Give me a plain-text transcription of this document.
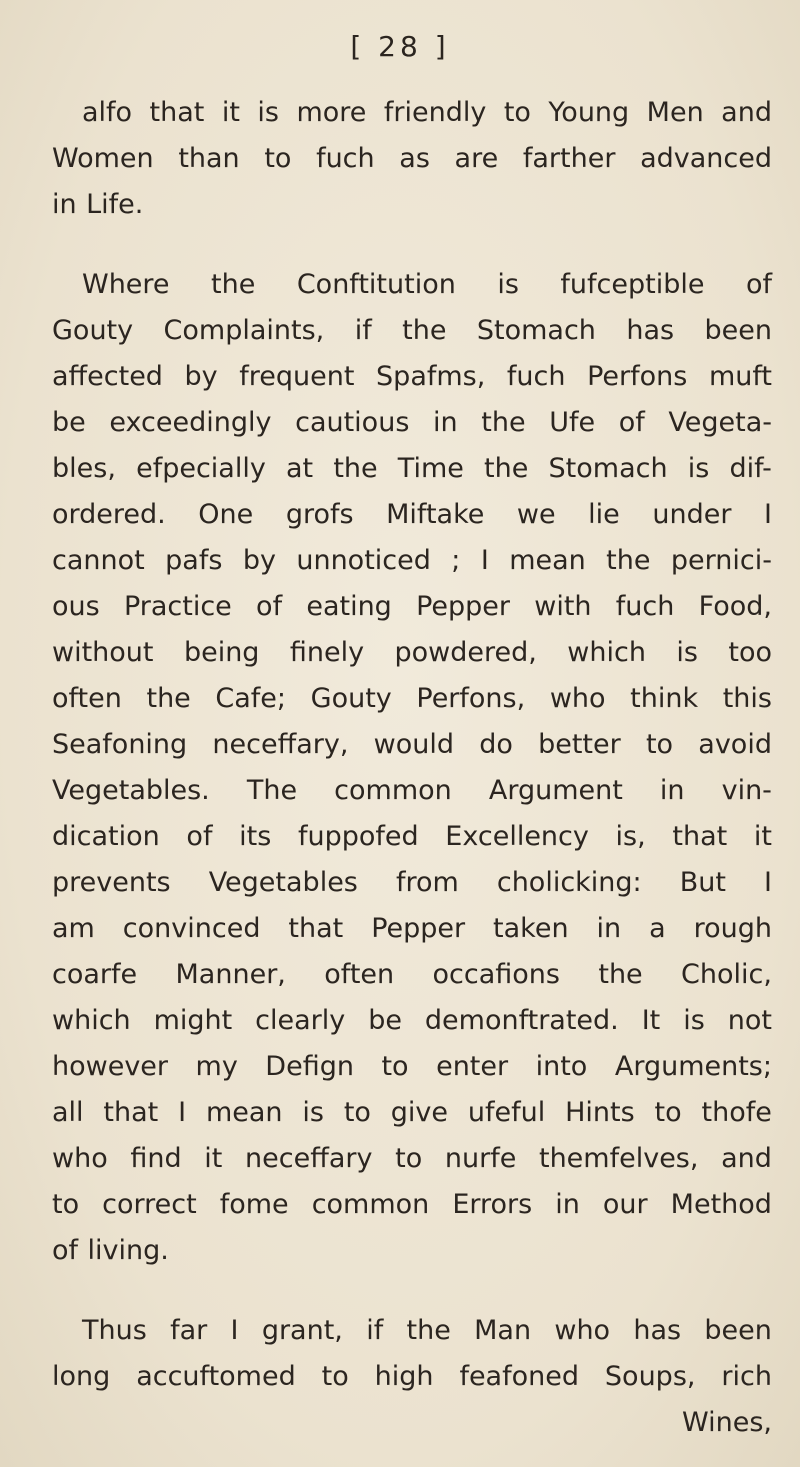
[ 28 ]
alfo that it is more friendly to Young Men and
Women than to fuch as are farther advanced
in Life.
Where the Conftitution is fufceptible of
Gouty Complaints, if the Stomach has been
affected by frequent Spafms, fuch Perfons muft
be exceedingly cautious in the Ufe of Vegeta-
bles, efpecially at the Time the Stomach is dif-
ordered. One grofs Miftake we lie under I
cannot pafs by unnoticed ; I mean the pernici-
ous Practice of eating Pepper with fuch Food,
without being finely powdered, which is too
often the Cafe; Gouty Perfons, who think this
Seafoning neceffary, would do better to avoid
Vegetables. The common Argument in vin-
dication of its fuppofed Excellency is, that it
prevents Vegetables from cholicking: But I
am convinced that Pepper taken in a rough
coarfe Manner, often occafions the Cholic,
which might clearly be demonftrated. It is not
however my Defign to enter into Arguments;
all that I mean is to give ufeful Hints to thofe
who find it neceffary to nurfe themfelves, and
to correct fome common Errors in our Method
of living.
Thus far I grant, if the Man who has been
long accuftomed to high feafoned Soups, rich
Wines,
